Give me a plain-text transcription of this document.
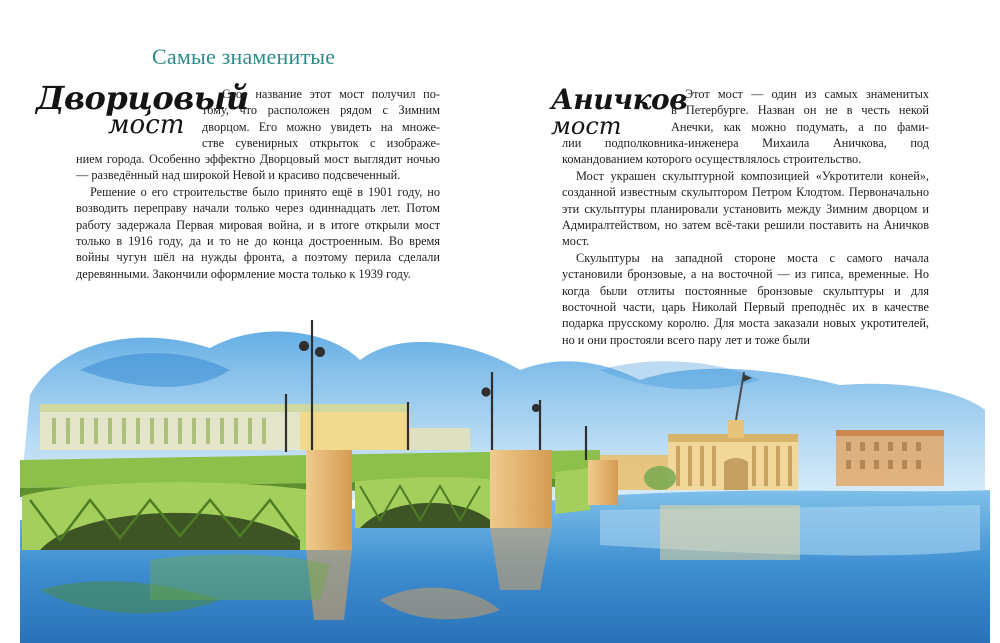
Самые знаменитые
Дворцовый
мост

Свое название этот мост получил по-

тому, что расположен рядом с Зимним
дворцом. Его можно увидеть на множе-
стве сувенирных открыток с изображе-

нием города. Особенно эффектно Дворцовый мост выглядит ночью — разведённый над широкой Невой и красиво подсвеченный.

Решение о его строительстве было принято ещё в 1901 году, но возводить переправу начали только через одиннадцать лет. Потом работу задержала Первая мировая война, и в итоге открыли мост только в 1916 году, да и то не до конца достроенным. Во время войны чугун шёл на нужды фронта, а поэтому перила сделали деревянными. Закончили оформление моста только к 1939 году.

Аничков
мост

Этот мост — один из самых знаменитых

в Петербурге. Назван он не в честь некой
Анечки, как можно подумать, а по фами-

лии подполковника-инженера Михаила Аничкова, под командованием которого осуществлялось строительство.

Мост украшен скульптурной композицией «Укротители коней», созданной известным скульптором Петром Клодтом. Первоначально эти скульптуры планировали установить между Зимним дворцом и Адмиралтейством, но затем всё-таки решили поставить на Аничков мост.

Скульптуры на западной стороне моста с самого начала установили бронзовые, а на восточной — из гипса, временные. Но когда были отлиты постоянные бронзовые скульптуры и для восточной части, царь Николай Первый преподнёс их в качестве подарка прусскому королю. Для моста заказали новых укротителей, но и они простояли всего пару лет и тоже были
